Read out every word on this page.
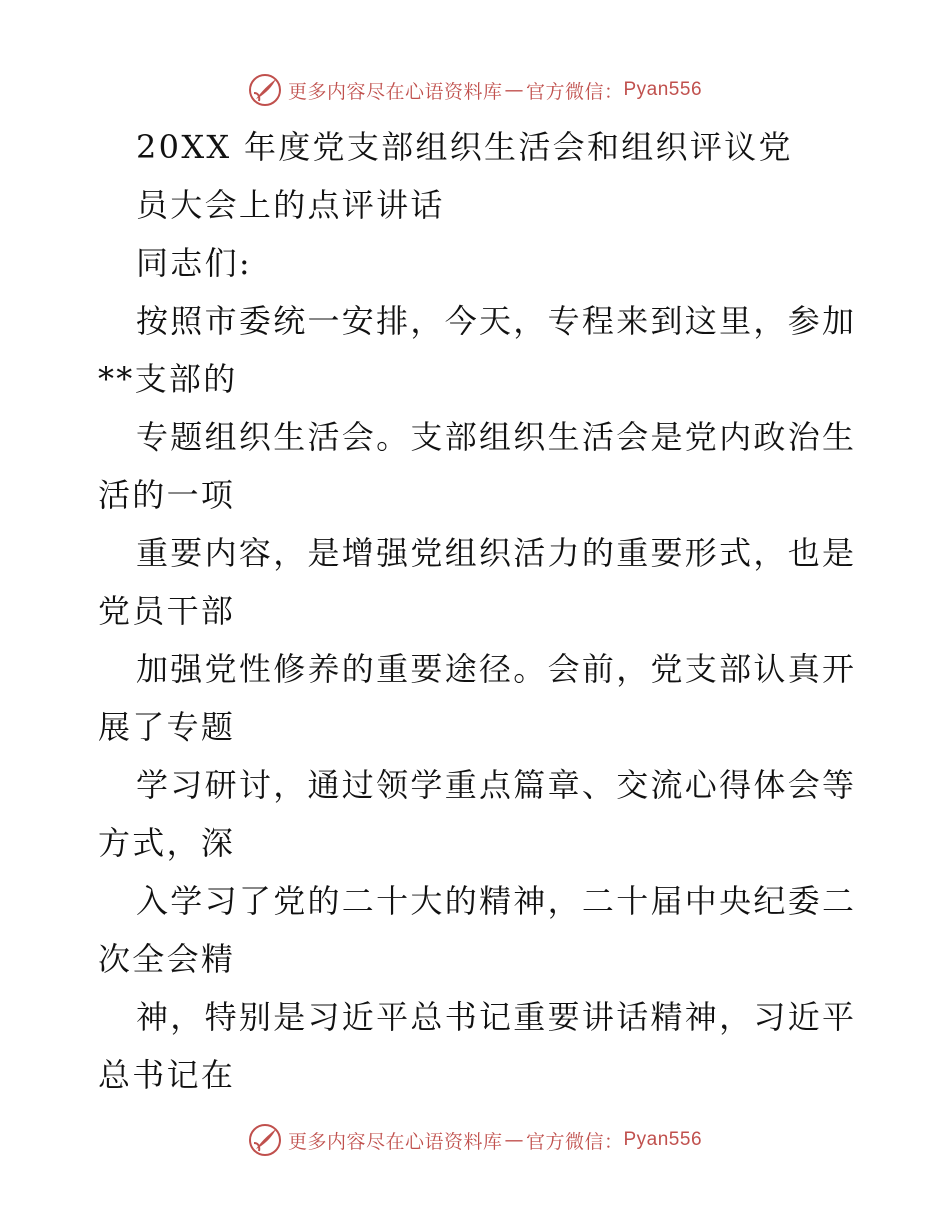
更多内容尽在心语资料库 — 官方微信： Pyan556
20XX 年度党支部组织生活会和组织评议党
员大会上的点评讲话
同志们:
按照市委统一安排，今天，专程来到这里，参加
**支部的
专题组织生活会。支部组织生活会是党内政治生
活的一项
重要内容，是增强党组织活力的重要形式，也是
党员干部
加强党性修养的重要途径。会前，党支部认真开
展了专题
学习研讨，通过领学重点篇章、交流心得体会等
方式，深
入学习了党的二十大的精神，二十届中央纪委二
次全会精
神，特别是习近平总书记重要讲话精神，习近平
总书记在
更多内容尽在心语资料库 — 官方微信： Pyan556
